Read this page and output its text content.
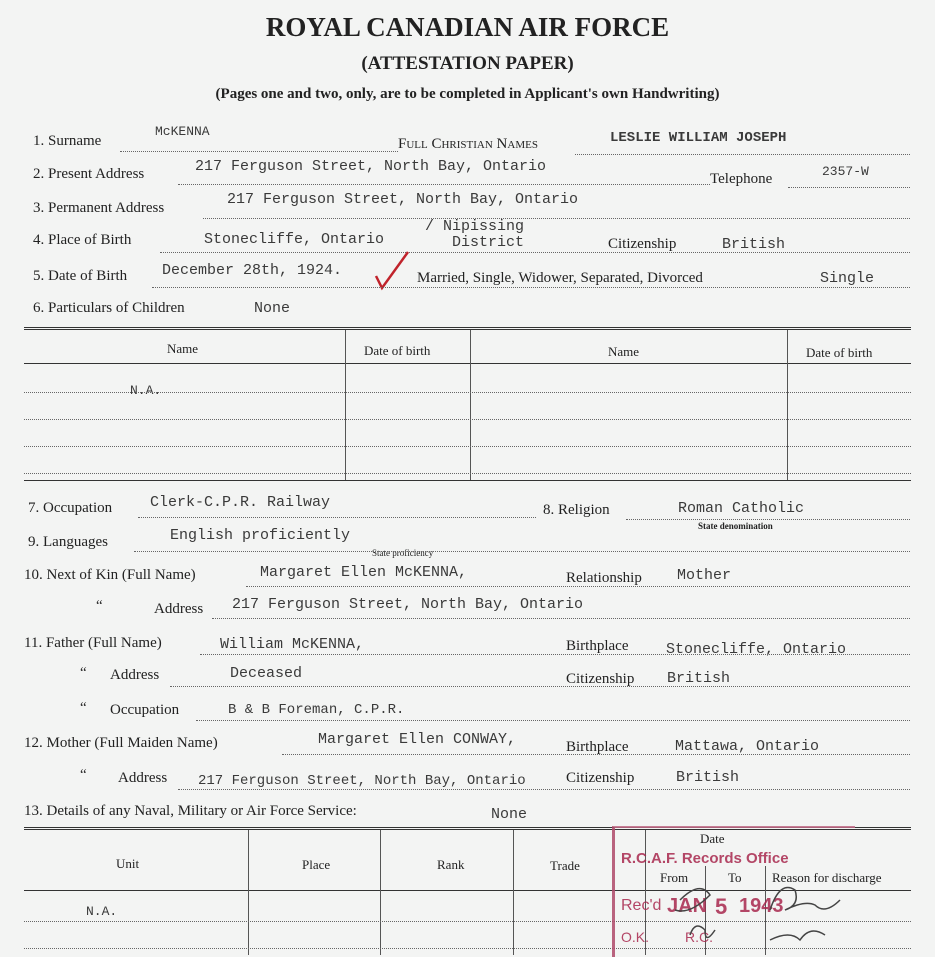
ROYAL CANADIAN AIR FORCE
(ATTESTATION PAPER)
(Pages one and two, only, are to be completed in Applicant's own Handwriting)
1. Surname
McKENNA
Full Christian Names	LESLIE WILLIAM JOSEPH
2. Present Address	217 Ferguson Street, North Bay, Ontario
Telephone	2357-W
3. Permanent Address	217 Ferguson Street, North Bay, Ontario
4. Place of Birth	Stonecliffe, Ontario
/ Nipissing
District	Citizenship	British
5. Date of Birth December 28th, 1924.	Married, Single, Widower, Separated, Divorced	Single
6. Particulars of Children	None
Name	Date of birth	Name	Date of birth
N.A.
7. Occupation	Clerk-C.P.R. Railway	8. Religion	Roman Catholic
State denomination
9. Languages	English proficiently
State proficiency
10. Next of Kin (Full Name)	Margaret Ellen McKENNA,	Relationship Mother
“	Address 217 Ferguson Street, North Bay, Ontario
11. Father (Full Name)	William McKENNA,	Birthplace	Stonecliffe, Ontario
“ Address	Deceased	Citizenship British
“ Occupation	B & B Foreman, C.P.R.
12. Mother (Full Maiden Name)	Margaret Ellen CONWAY,	Birthplace	Mattawa, Ontario
“ Address 217 Ferguson Street, North Bay, Ontario	Citizenship	British
13. Details of any Naval, Military or Air Force Service:	None
Unit	Place	Rank	Trade
Date
From	To Reason for discharge
N.A.
R.C.A.F. Records Office
Rec'd JAN 5 1943
O.K.	R.C.
